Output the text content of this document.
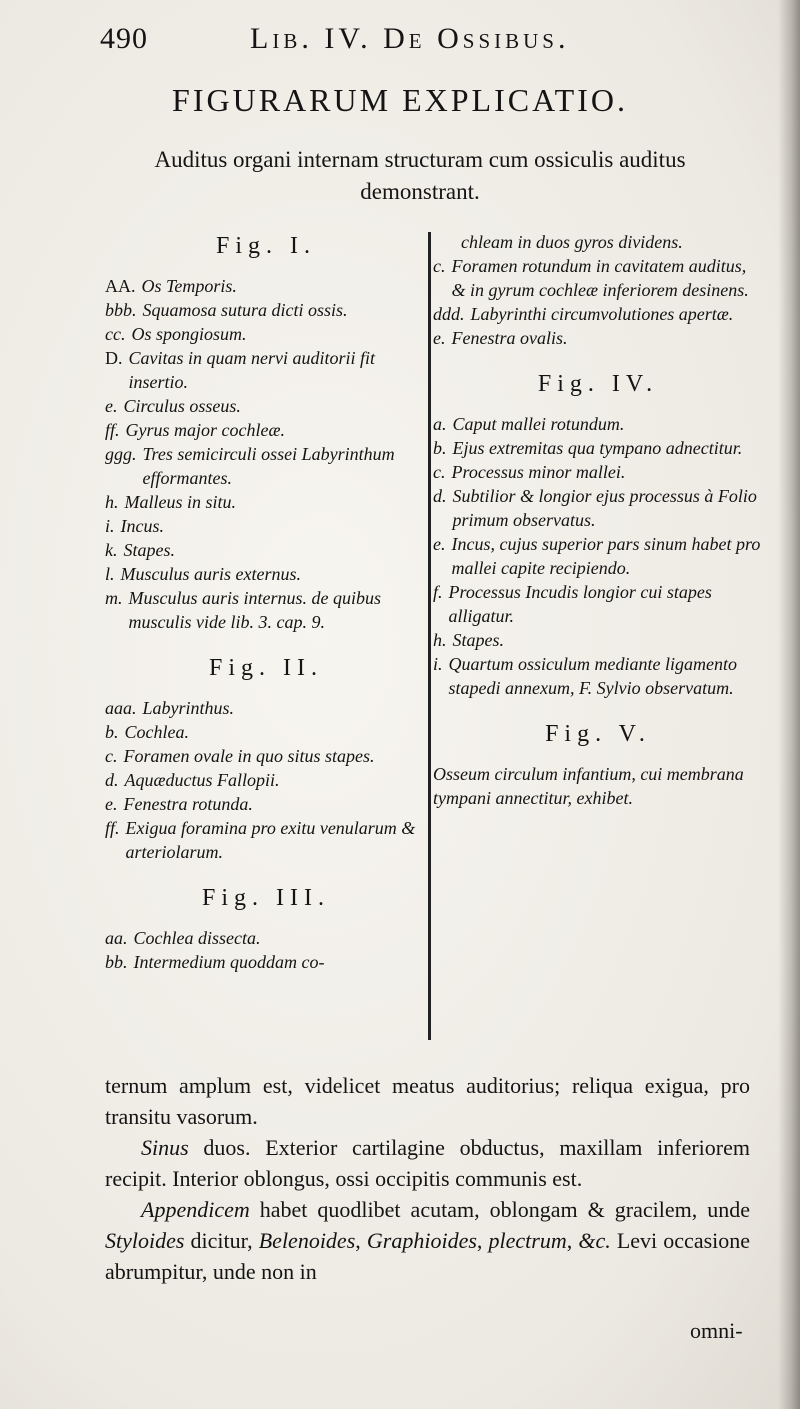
490	Lib. IV. De Ossibus.
FIGURARUM EXPLICATIO.
Auditus organi internam structuram cum ossiculis auditus demonstrant.
Fig. I.
AA. Os Temporis.
bbb. Squamosa sutura dicti ossis.
cc. Os spongiosum.
D. Cavitas in quam nervi auditorii fit insertio.
e. Circulus osseus.
ff. Gyrus major cochleæ.
ggg. Tres semicirculi ossei Labyrinthum efformantes.
h. Malleus in situ.
i. Incus.
k. Stapes.
l. Musculus auris externus.
m. Musculus auris internus. de quibus musculis vide lib. 3. cap. 9.
Fig. II.
aaa. Labyrinthus.
b. Cochlea.
c. Foramen ovale in quo situs stapes.
d. Aquæductus Fallopii.
e. Fenestra rotunda.
ff. Exigua foramina pro exitu venularum & arteriolarum.
Fig. III.
aa. Cochlea dissecta.
bb. Intermedium quoddam co-
chleam in duos gyros dividens.
c. Foramen rotundum in cavitatem auditus, & in gyrum cochleæ inferiorem desinens.
ddd. Labyrinthi circumvolutiones apertæ.
e. Fenestra ovalis.
Fig. IV.
a. Caput mallei rotundum.
b. Ejus extremitas qua tympano adnectitur.
c. Processus minor mallei.
d. Subtilior & longior ejus processus à Folio primum observatus.
e. Incus, cujus superior pars sinum habet pro mallei capite recipiendo.
f. Processus Incudis longior cui stapes alligatur.
h. Stapes.
i. Quartum ossiculum mediante ligamento stapedi annexum, F. Sylvio observatum.
Fig. V.
Osseum circulum infantium, cui membrana tympani annectitur, exhibet.

ternum amplum est, videlicet meatus auditorius; reliqua exigua, pro transitu vasorum.

Sinus duos. Exterior cartilagine obductus, maxillam inferiorem recipit. Interior oblongus, ossi occipitis communis est.

Appendicem habet quodlibet acutam, oblongam & gracilem, unde Styloides dicitur, Belenoides, Graphioides, plectrum, &c. Levi occasione abrumpitur, unde non in

omni-
